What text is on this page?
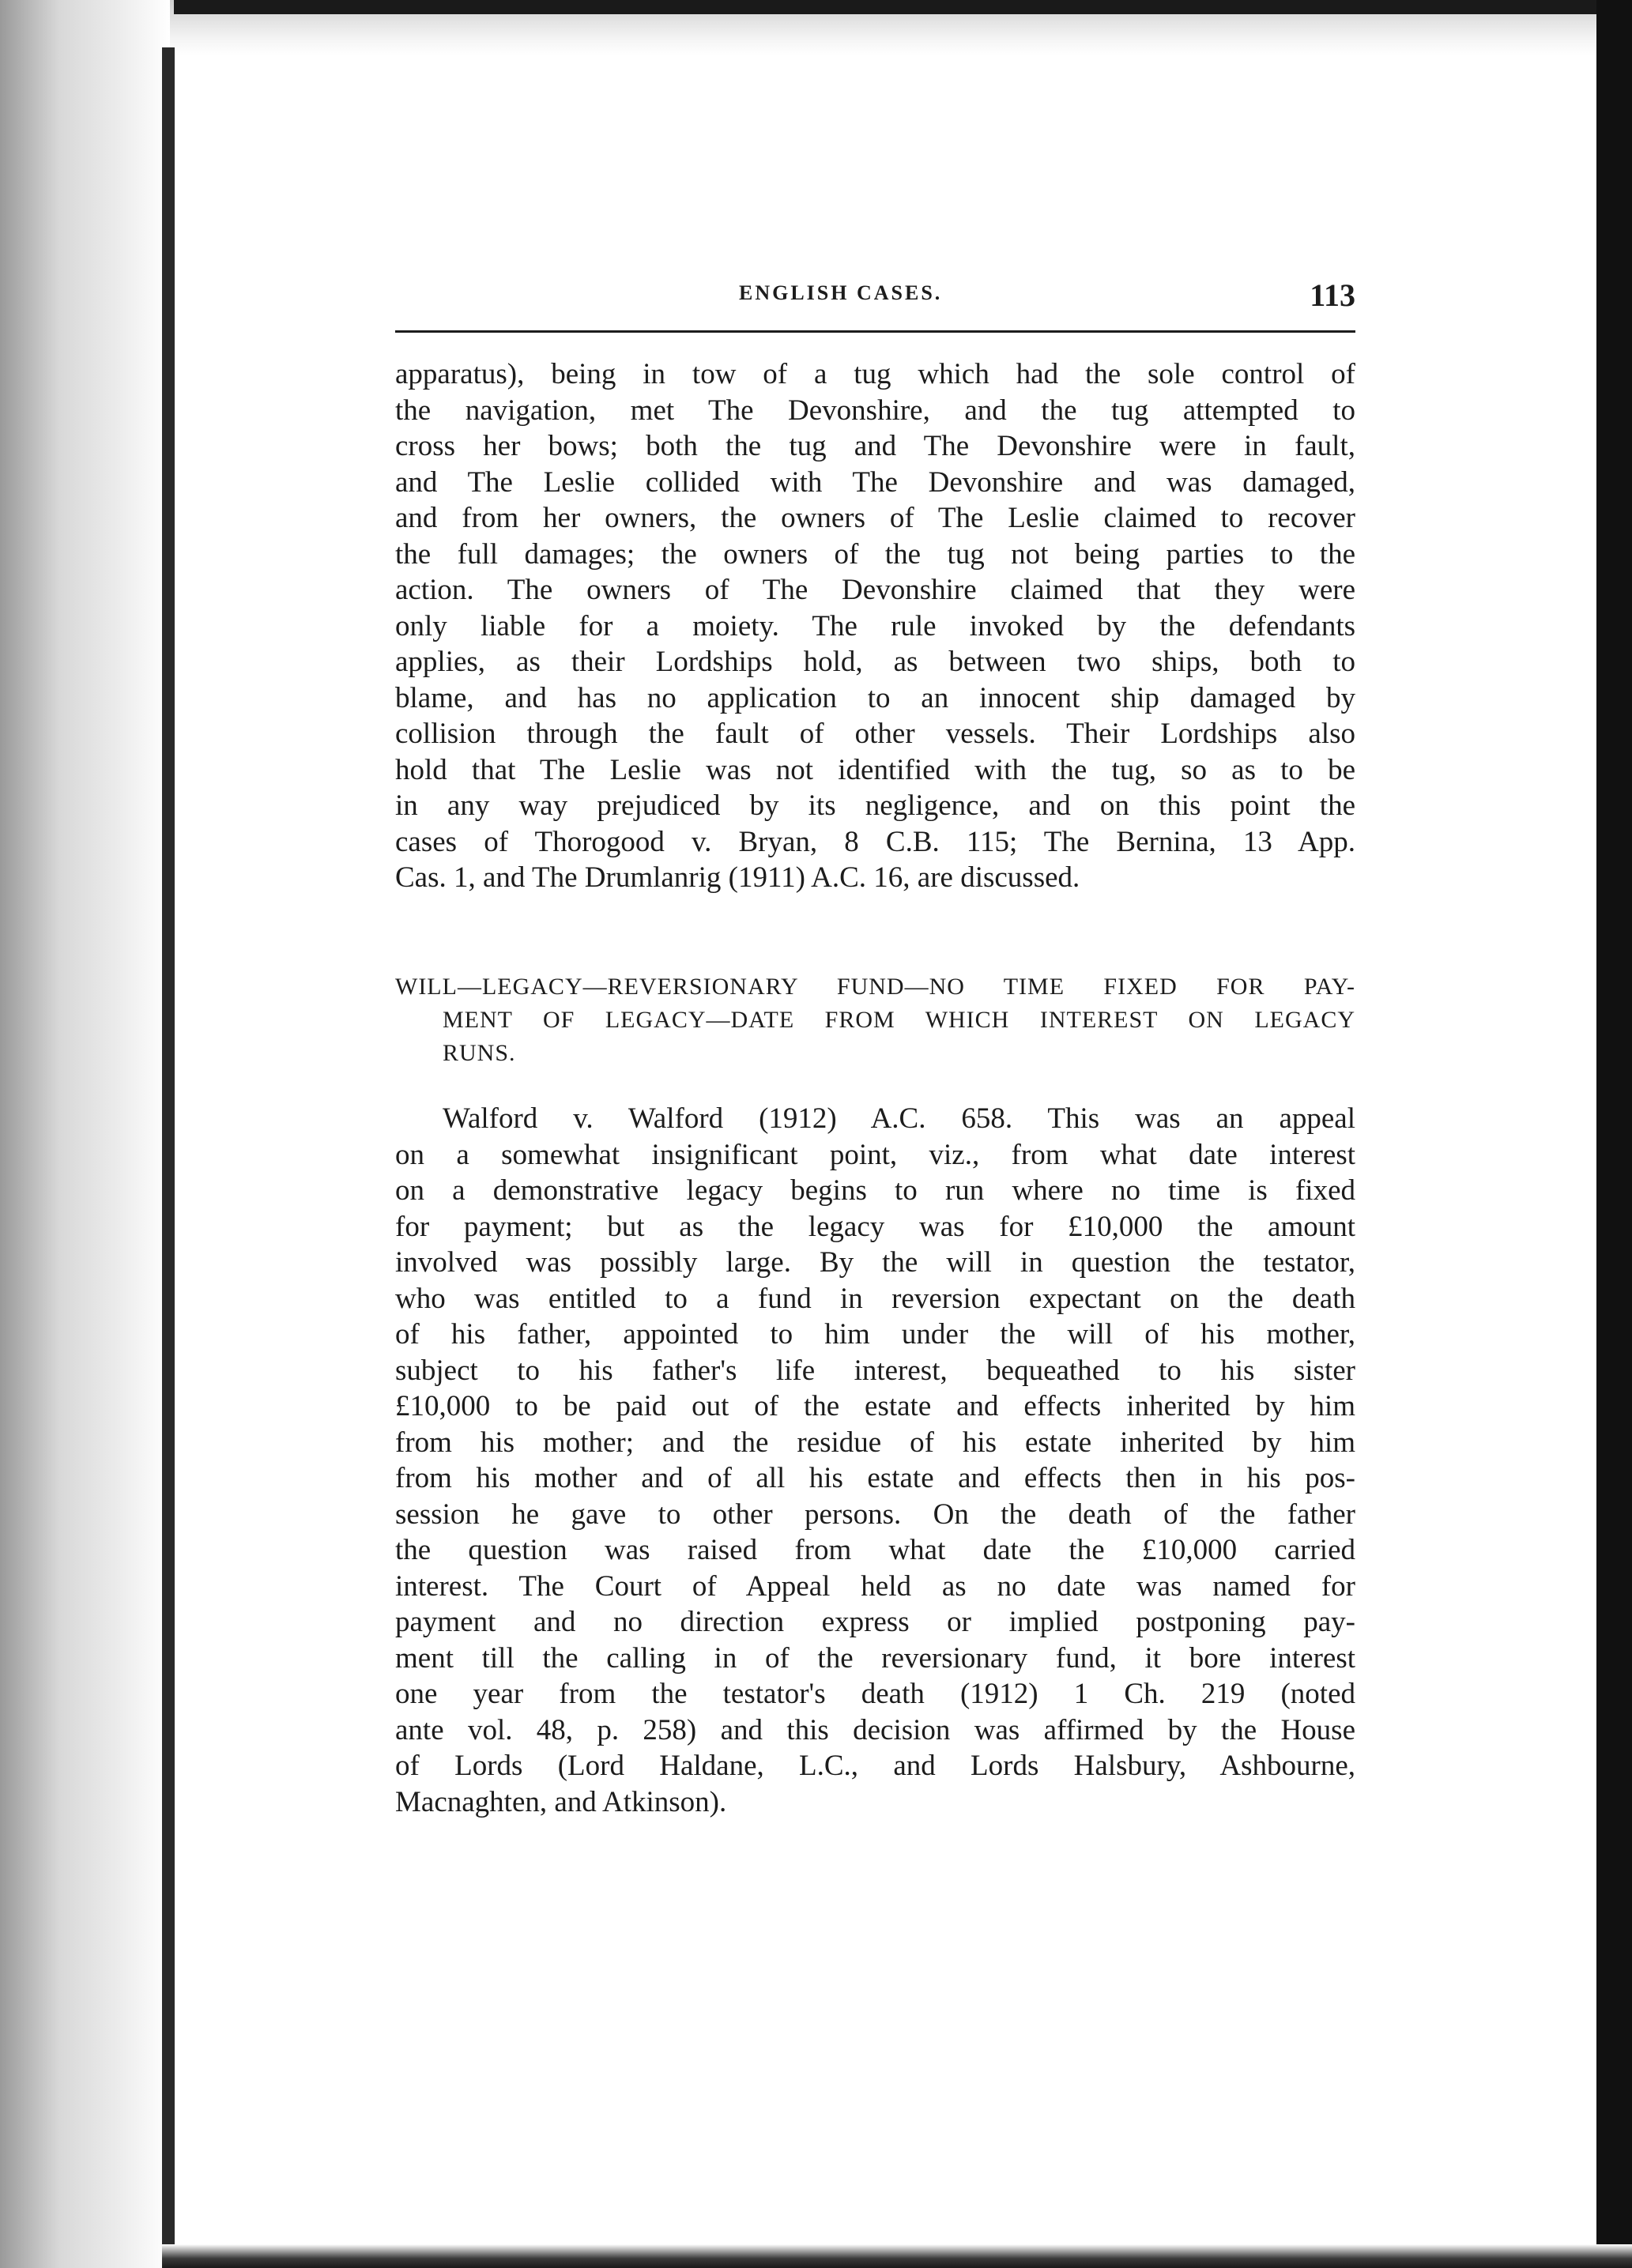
ENGLISH CASES.	113
apparatus), being in tow of a tug which had the sole control of
the navigation, met The Devonshire, and the tug attempted to
cross her bows; both the tug and The Devonshire were in fault,
and The Leslie collided with The Devonshire and was damaged,
and from her owners, the owners of The Leslie claimed to recover
the full damages; the owners of the tug not being parties to the
action. The owners of The Devonshire claimed that they were
only liable for a moiety. The rule invoked by the defendants
applies, as their Lordships hold, as between two ships, both to
blame, and has no application to an innocent ship damaged by
collision through the fault of other vessels. Their Lordships also
hold that The Leslie was not identified with the tug, so as to be
in any way prejudiced by its negligence, and on this point the
cases of Thorogood v. Bryan, 8 C.B. 115; The Bernina, 13 App.
Cas. 1, and The Drumlanrig (1911) A.C. 16, are discussed.
WILL—LEGACY—REVERSIONARY FUND—NO TIME FIXED FOR PAY-
MENT OF LEGACY—DATE FROM WHICH INTEREST ON LEGACY
RUNS.
Walford v. Walford (1912) A.C. 658. This was an appeal
on a somewhat insignificant point, viz., from what date interest
on a demonstrative legacy begins to run where no time is fixed
for payment; but as the legacy was for £10,000 the amount
involved was possibly large. By the will in question the testator,
who was entitled to a fund in reversion expectant on the death
of his father, appointed to him under the will of his mother,
subject to his father's life interest, bequeathed to his sister
£10,000 to be paid out of the estate and effects inherited by him
from his mother; and the residue of his estate inherited by him
from his mother and of all his estate and effects then in his pos-
session he gave to other persons. On the death of the father
the question was raised from what date the £10,000 carried
interest. The Court of Appeal held as no date was named for
payment and no direction express or implied postponing pay-
ment till the calling in of the reversionary fund, it bore interest
one year from the testator's death (1912) 1 Ch. 219 (noted
ante vol. 48, p. 258) and this decision was affirmed by the House
of Lords (Lord Haldane, L.C., and Lords Halsbury, Ashbourne,
Macnaghten, and Atkinson).
